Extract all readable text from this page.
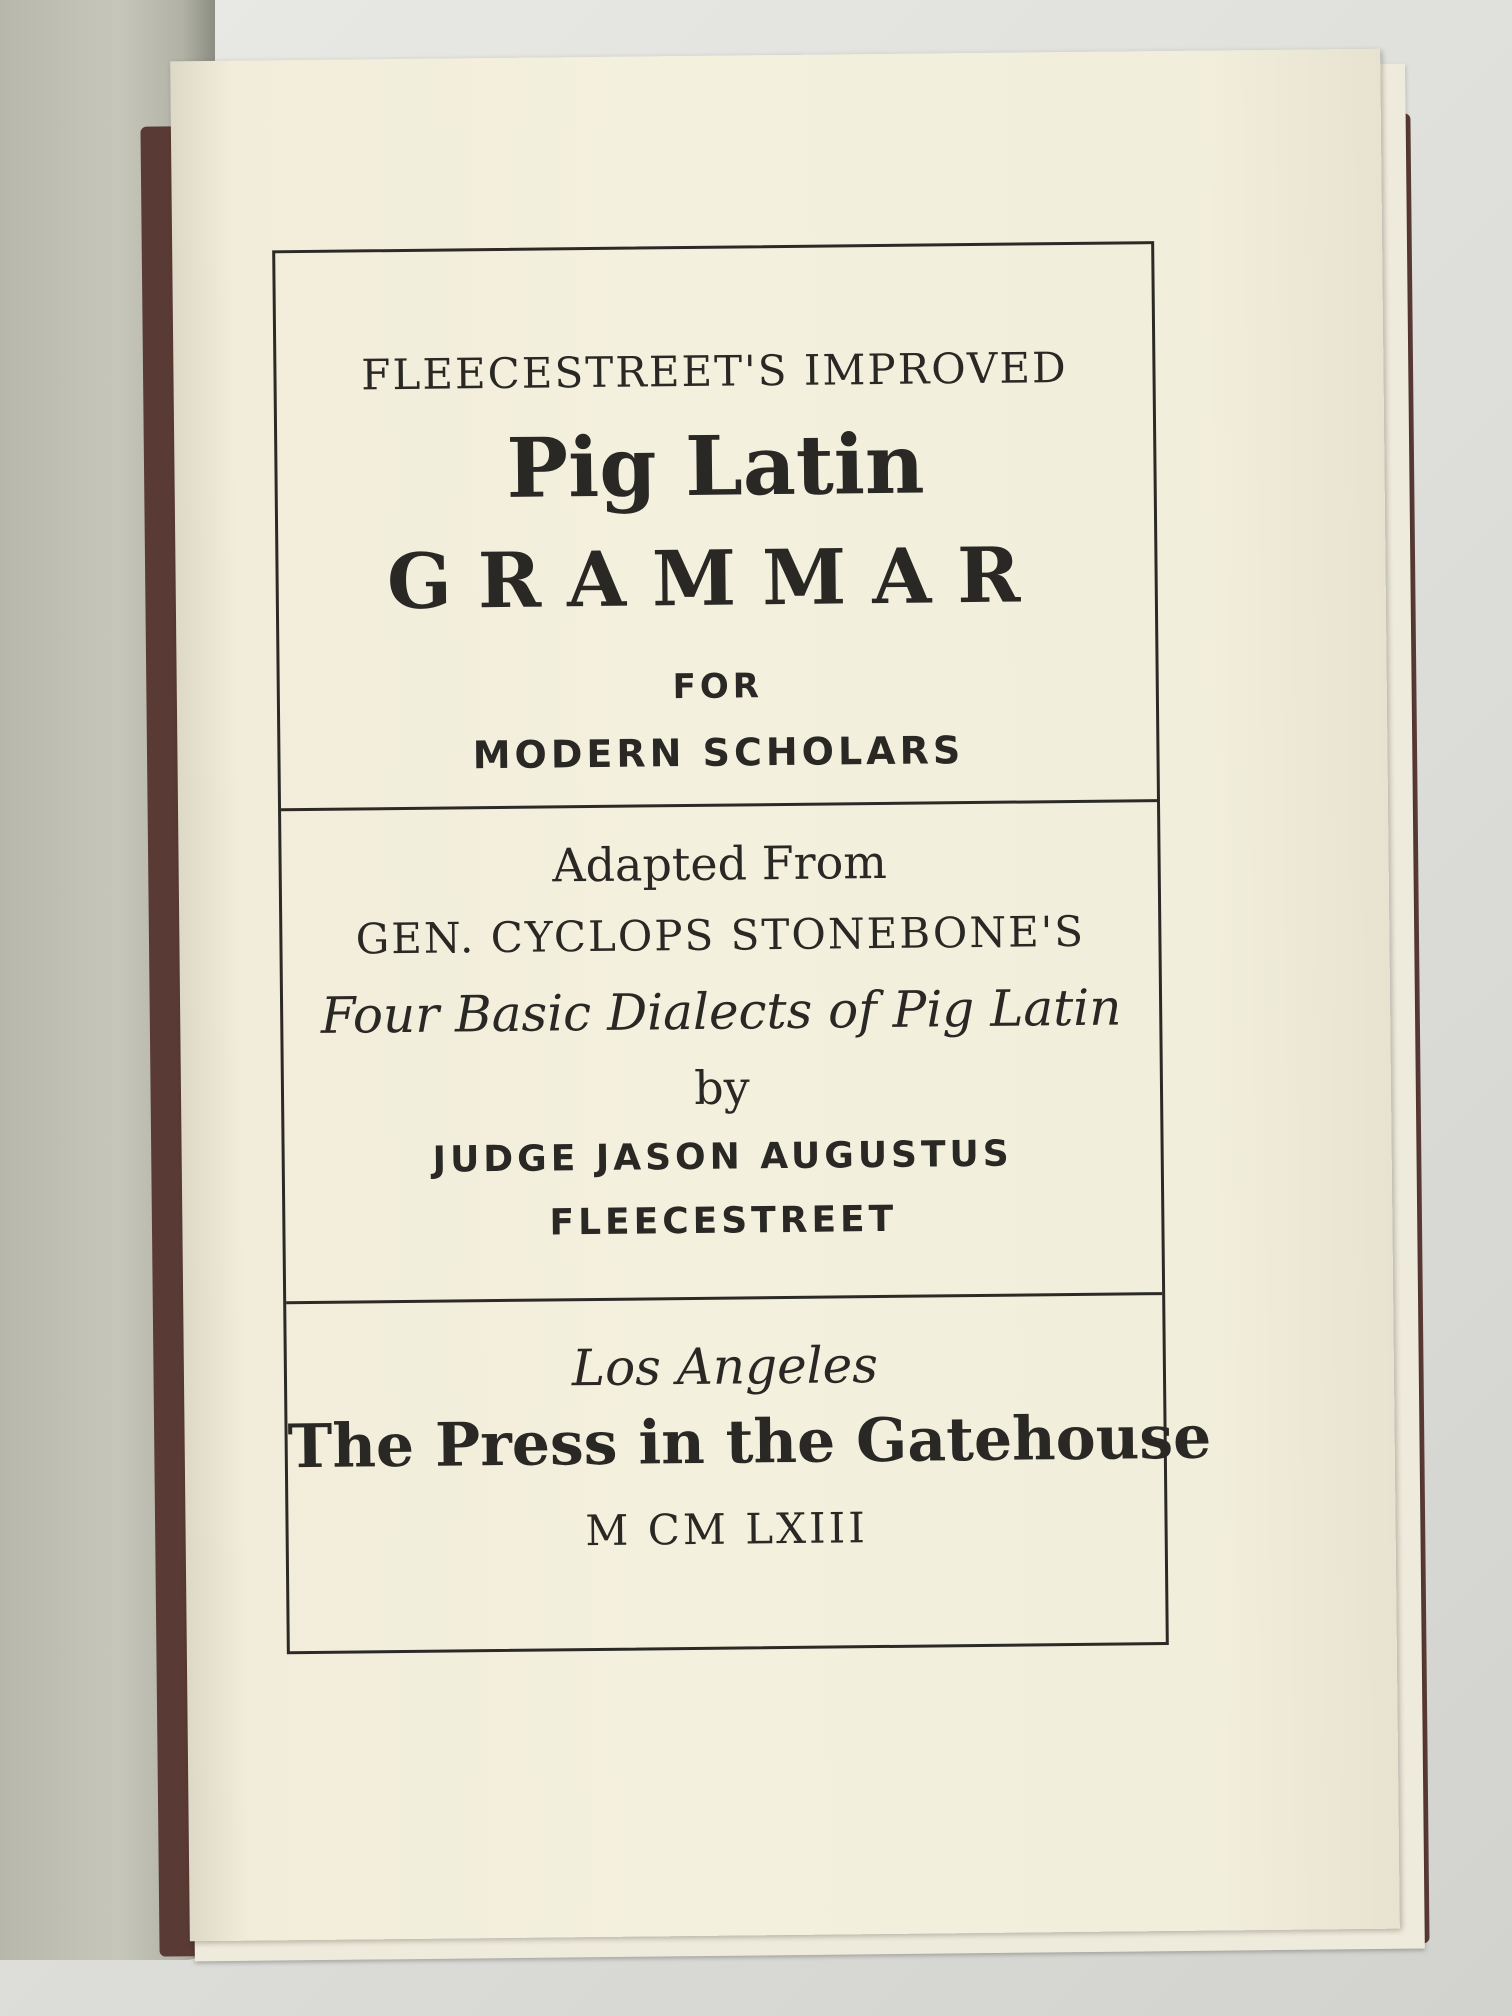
FLEECESTREET'S IMPROVED
Pig Latin
GRAMMAR
FOR
MODERN SCHOLARS
Adapted From
GEN. CYCLOPS STONEBONE'S
Four Basic Dialects of Pig Latin
by
JUDGE JASON AUGUSTUS
FLEECESTREET
Los Angeles
The Press in the Gatehouse
M CM LXIII
